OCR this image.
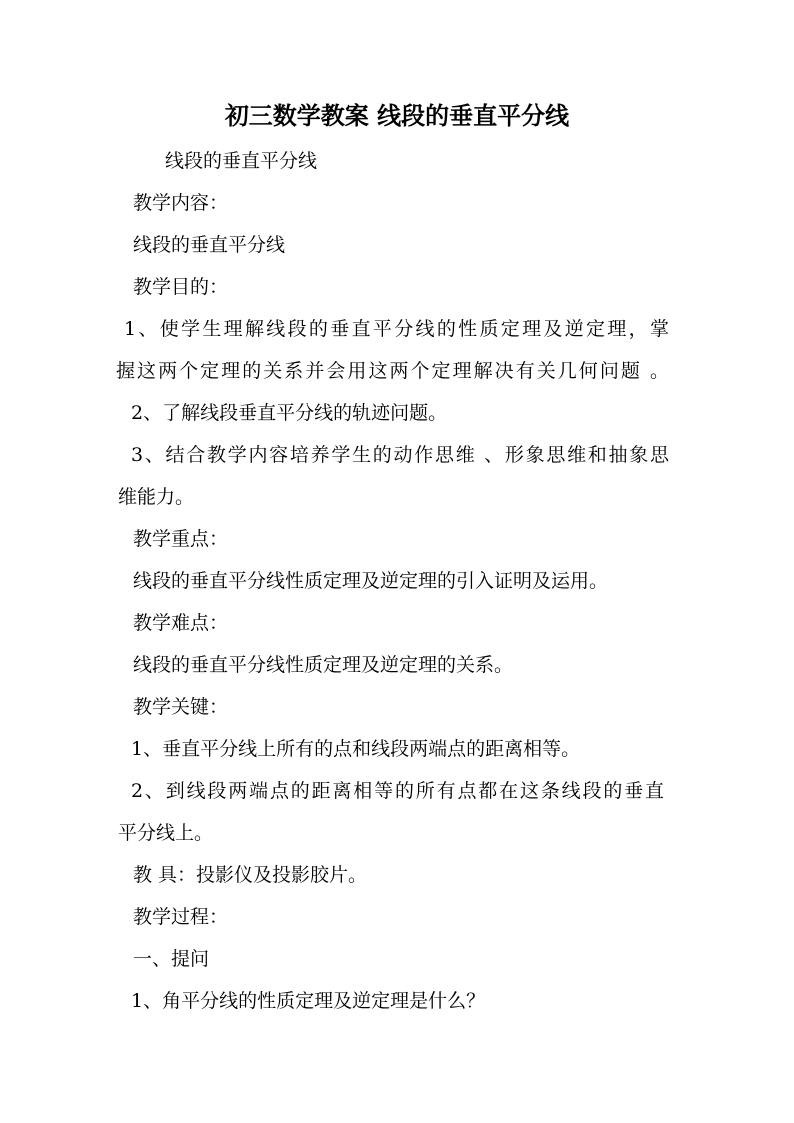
初三数学教案 线段的垂直平分线
线段的垂直平分线
教学内容：
线段的垂直平分线
教学目的：
1、使学生理解线段的垂直平分线的性质定理及逆定理，掌
握这两个定理的关系并会用这两个定理解决有关几何问题 。
2、了解线段垂直平分线的轨迹问题。
3、结合教学内容培养学生的动作思维 、形象思维和抽象思
维能力。
教学重点：
线段的垂直平分线性质定理及逆定理的引入证明及运用。
教学难点：
线段的垂直平分线性质定理及逆定理的关系。
教学关键：
1、垂直平分线上所有的点和线段两端点的距离相等。
2、到线段两端点的距离相等的所有点都在这条线段的垂直
平分线上。
教 具：投影仪及投影胶片。
教学过程：
一、提问
1、角平分线的性质定理及逆定理是什么？
